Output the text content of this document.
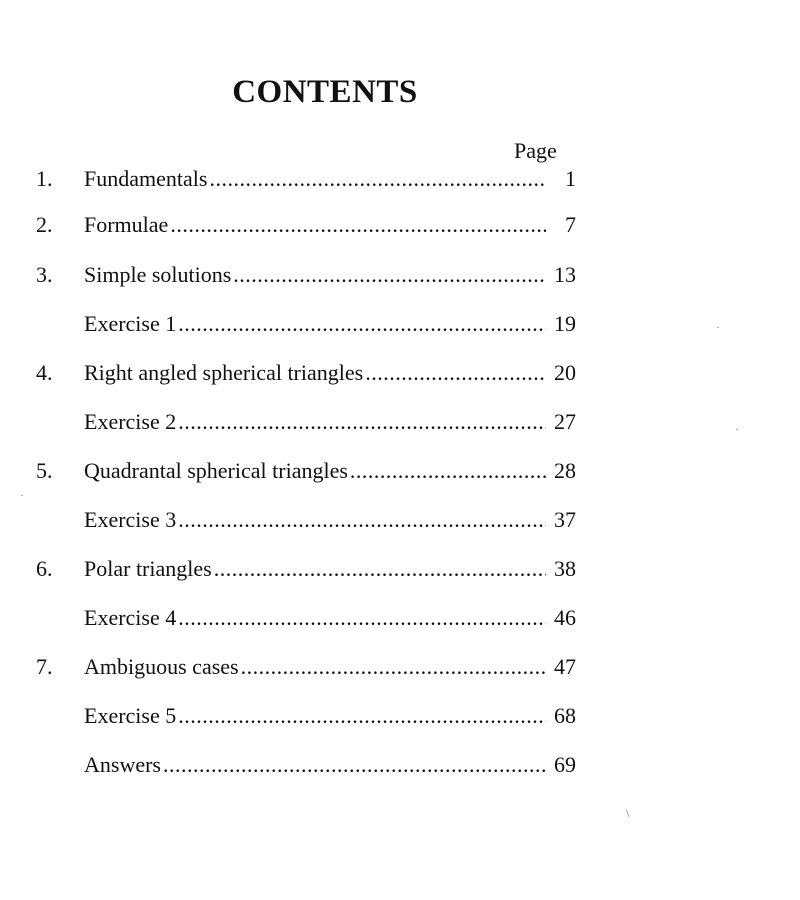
CONTENTS
Page
1.	Fundamentals .....	1
2.	Formulae .....	7
3.	Simple solutions .....	13
Exercise 1 .....	19
4.	Right angled spherical triangles .....	20
Exercise 2 .....	27
5.	Quadrantal spherical triangles .....	28
Exercise 3 .....	37
6.	Polar triangles .....	38
Exercise 4 .....	46
7.	Ambiguous cases .....	47
Exercise 5 .....	68
Answers .....	69
·
·
·
\
